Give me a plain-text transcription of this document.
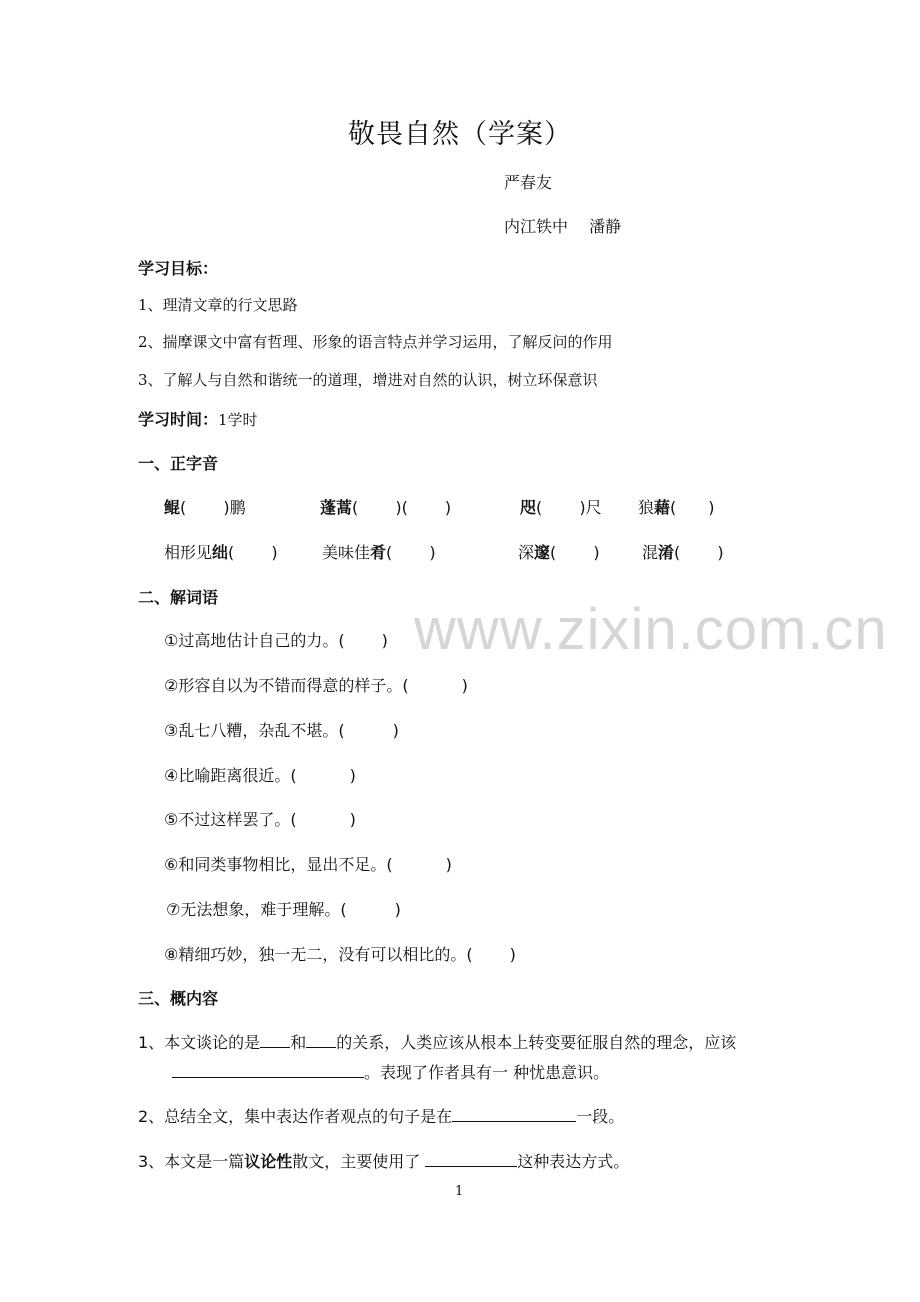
www.zixin.com.cn
敬畏自然（学案）
严春友
内江铁中　 潘静
学习目标：
1、理清文章的行文思路
2、揣摩课文中富有哲理、形象的语言特点并学习运用，了解反问的作用
3、了解人与自然和谐统一的道理，增进对自然的认识，树立环保意识
学习时间：1学时
一、正字音
鲲(　　 )鹏	蓬蒿(　　 )(　　 )	咫(　　 )尺 狼藉(　　)
相形见绌(　　 )	美味佳肴(　　 )	深邃(　　 )	混淆(　　 )
二、解词语
①过高地估计自己的力。(　　 )
②形容自以为不错而得意的样子。(　　　 )
③乱七八糟，杂乱不堪。(　　　)
④比喻距离很近。(　　　 )
⑤不过这样罢了。(　　　 )
⑥和同类事物相比，显出不足。(　　　 )
⑦无法想象，难于理解。(　　　)
⑧精细巧妙，独一无二，没有可以相比的。(　　 )
三、概内容
1、本文谈论的是 和 的关系，人类应该从根本上转变要征服自然的理念，应该
。表现了作者具有一 种忧患意识。
2、总结全文，集中表达作者观点的句子是在	一段。
3、本文是一篇议论性散文，主要使用了	这种表达方式。
1
